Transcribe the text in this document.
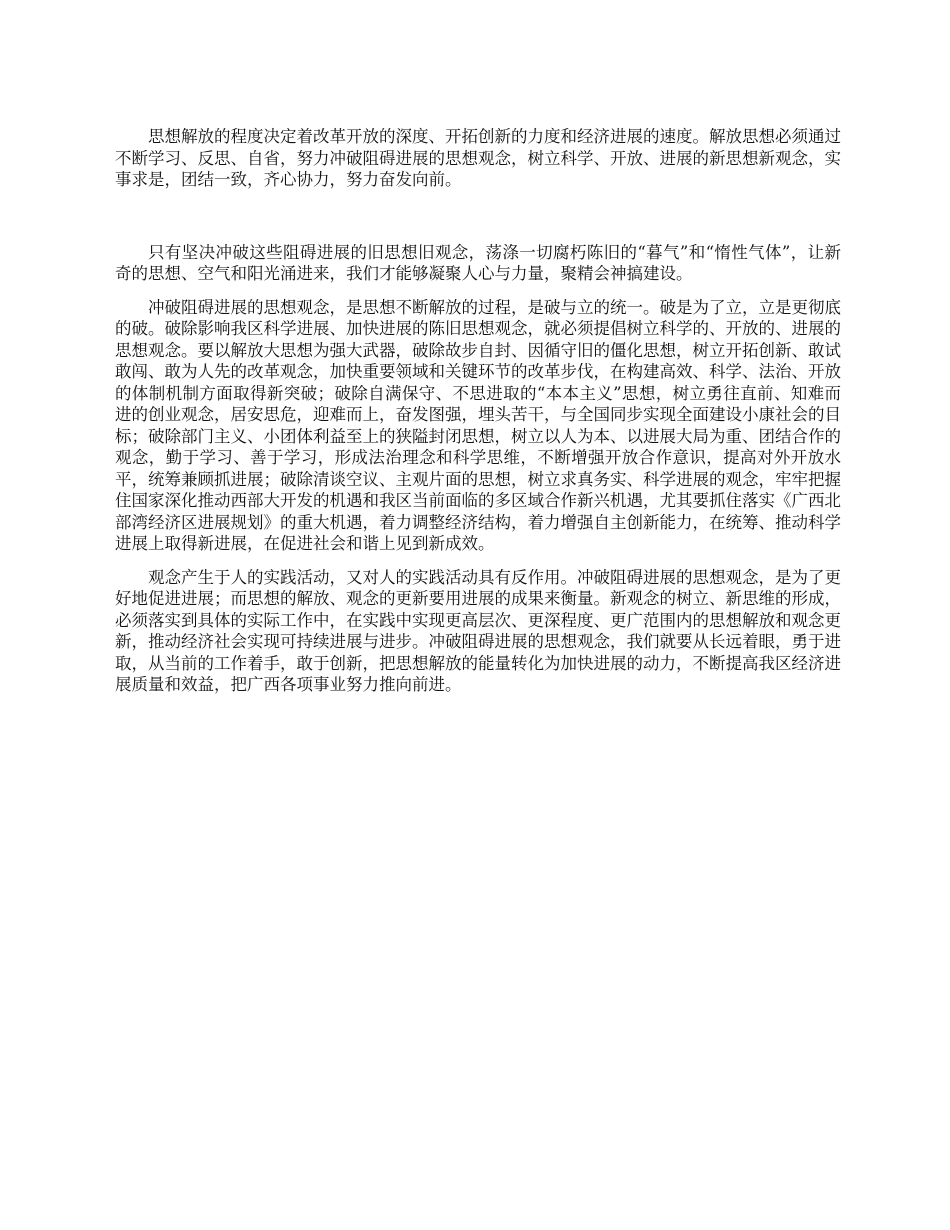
思想解放的程度决定着改革开放的深度、开拓创新的力度和经济进展的速度。解放思想必须通过不断学习、反思、自省，努力冲破阻碍进展的思想观念，树立科学、开放、进展的新思想新观念，实事求是，团结一致，齐心协力，努力奋发向前。

只有坚决冲破这些阻碍进展的旧思想旧观念，荡涤一切腐朽陈旧的“暮气”和“惰性气体”，让新奇的思想、空气和阳光涌进来，我们才能够凝聚人心与力量，聚精会神搞建设。

冲破阻碍进展的思想观念，是思想不断解放的过程，是破与立的统一。破是为了立，立是更彻底的破。破除影响我区科学进展、加快进展的陈旧思想观念，就必须提倡树立科学的、开放的、进展的思想观念。要以解放大思想为强大武器，破除故步自封、因循守旧的僵化思想，树立开拓创新、敢试敢闯、敢为人先的改革观念，加快重要领域和关键环节的改革步伐，在构建高效、科学、法治、开放的体制机制方面取得新突破；破除自满保守、不思进取的“本本主义”思想，树立勇往直前、知难而进的创业观念，居安思危，迎难而上，奋发图强，埋头苦干，与全国同步实现全面建设小康社会的目标；破除部门主义、小团体利益至上的狭隘封闭思想，树立以人为本、以进展大局为重、团结合作的观念，勤于学习、善于学习，形成法治理念和科学思维，不断增强开放合作意识，提高对外开放水平，统筹兼顾抓进展；破除清谈空议、主观片面的思想，树立求真务实、科学进展的观念，牢牢把握住国家深化推动西部大开发的机遇和我区当前面临的多区域合作新兴机遇，尤其要抓住落实《广西北部湾经济区进展规划》的重大机遇，着力调整经济结构，着力增强自主创新能力，在统筹、推动科学进展上取得新进展，在促进社会和谐上见到新成效。

观念产生于人的实践活动，又对人的实践活动具有反作用。冲破阻碍进展的思想观念，是为了更好地促进进展；而思想的解放、观念的更新要用进展的成果来衡量。新观念的树立、新思维的形成，必须落实到具体的实际工作中，在实践中实现更高层次、更深程度、更广范围内的思想解放和观念更新，推动经济社会实现可持续进展与进步。冲破阻碍进展的思想观念，我们就要从长远着眼，勇于进取，从当前的工作着手，敢于创新，把思想解放的能量转化为加快进展的动力，不断提高我区经济进展质量和效益，把广西各项事业努力推向前进。
